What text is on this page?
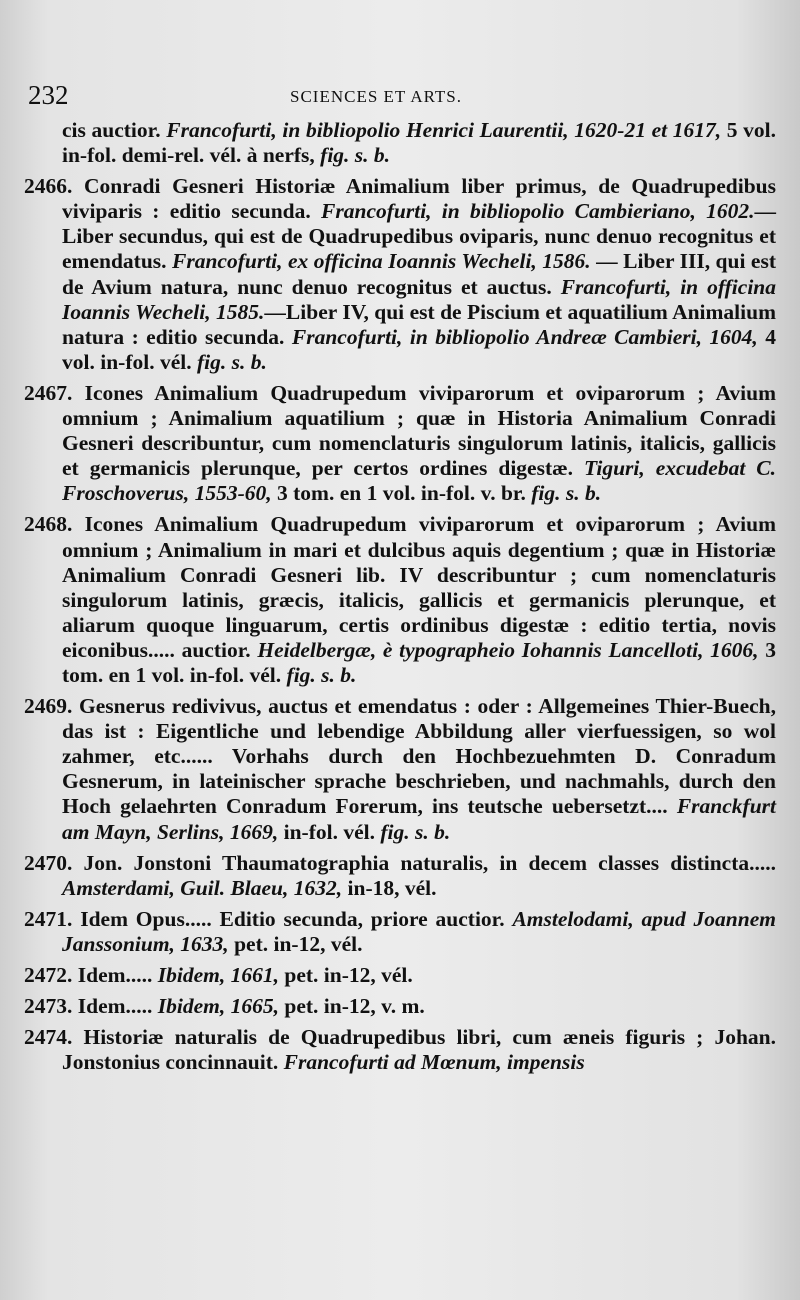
232	SCIENCES ET ARTS.

cis auctior. Francofurti, in bibliopolio Henrici Laurentii, 1620-21 et 1617, 5 vol. in-fol. demi-rel. vél. à nerfs, fig. s. b.

2466. Conradi Gesneri Historiæ Animalium liber primus, de Quadrupedibus viviparis : editio secunda. Francofurti, in bibliopolio Cambieriano, 1602.—Liber secundus, qui est de Quadrupedibus oviparis, nunc denuo recognitus et emendatus. Francofurti, ex officina Ioannis Wecheli, 1586. — Liber III, qui est de Avium natura, nunc denuo recognitus et auctus. Francofurti, in officina Ioannis Wecheli, 1585.—Liber IV, qui est de Piscium et aquatilium Animalium natura : editio secunda. Francofurti, in bibliopolio Andreæ Cambieri, 1604, 4 vol. in-fol. vél. fig. s. b.

2467. Icones Animalium Quadrupedum viviparorum et oviparorum ; Avium omnium ; Animalium aquatilium ; quæ in Historia Animalium Conradi Gesneri describuntur, cum nomenclaturis singulorum latinis, italicis, gallicis et germanicis plerunque, per certos ordines digestæ. Tiguri, excudebat C. Froschoverus, 1553-60, 3 tom. en 1 vol. in-fol. v. br. fig. s. b.

2468. Icones Animalium Quadrupedum viviparorum et oviparorum ; Avium omnium ; Animalium in mari et dulcibus aquis degentium ; quæ in Historiæ Animalium Conradi Gesneri lib. IV describuntur ; cum nomenclaturis singulorum latinis, græcis, italicis, gallicis et germanicis plerunque, et aliarum quoque linguarum, certis ordinibus digestæ : editio tertia, novis eiconibus..... auctior. Heidelbergæ, è typographeio Iohannis Lancelloti, 1606, 3 tom. en 1 vol. in-fol. vél. fig. s. b.

2469. Gesnerus redivivus, auctus et emendatus : oder : Allgemeines Thier-Buech, das ist : Eigentliche und lebendige Abbildung aller vierfuessigen, so wol zahmer, etc...... Vorhahs durch den Hochbezuehmten D. Conradum Gesnerum, in lateinischer sprache beschrieben, und nachmahls, durch den Hoch gelaehrten Conradum Forerum, ins teutsche uebersetzt.... Franckfurt am Mayn, Serlins, 1669, in-fol. vél. fig. s. b.

2470. Jon. Jonstoni Thaumatographia naturalis, in decem classes distincta..... Amsterdami, Guil. Blaeu, 1632, in-18, vél.

2471. Idem Opus..... Editio secunda, priore auctior. Amstelodami, apud Joannem Janssonium, 1633, pet. in-12, vél.

2472. Idem..... Ibidem, 1661, pet. in-12, vél.

2473. Idem..... Ibidem, 1665, pet. in-12, v. m.

2474. Historiæ naturalis de Quadrupedibus libri, cum æneis figuris ; Johan. Jonstonius concinnauit. Francofurti ad Mœnum, impensis
